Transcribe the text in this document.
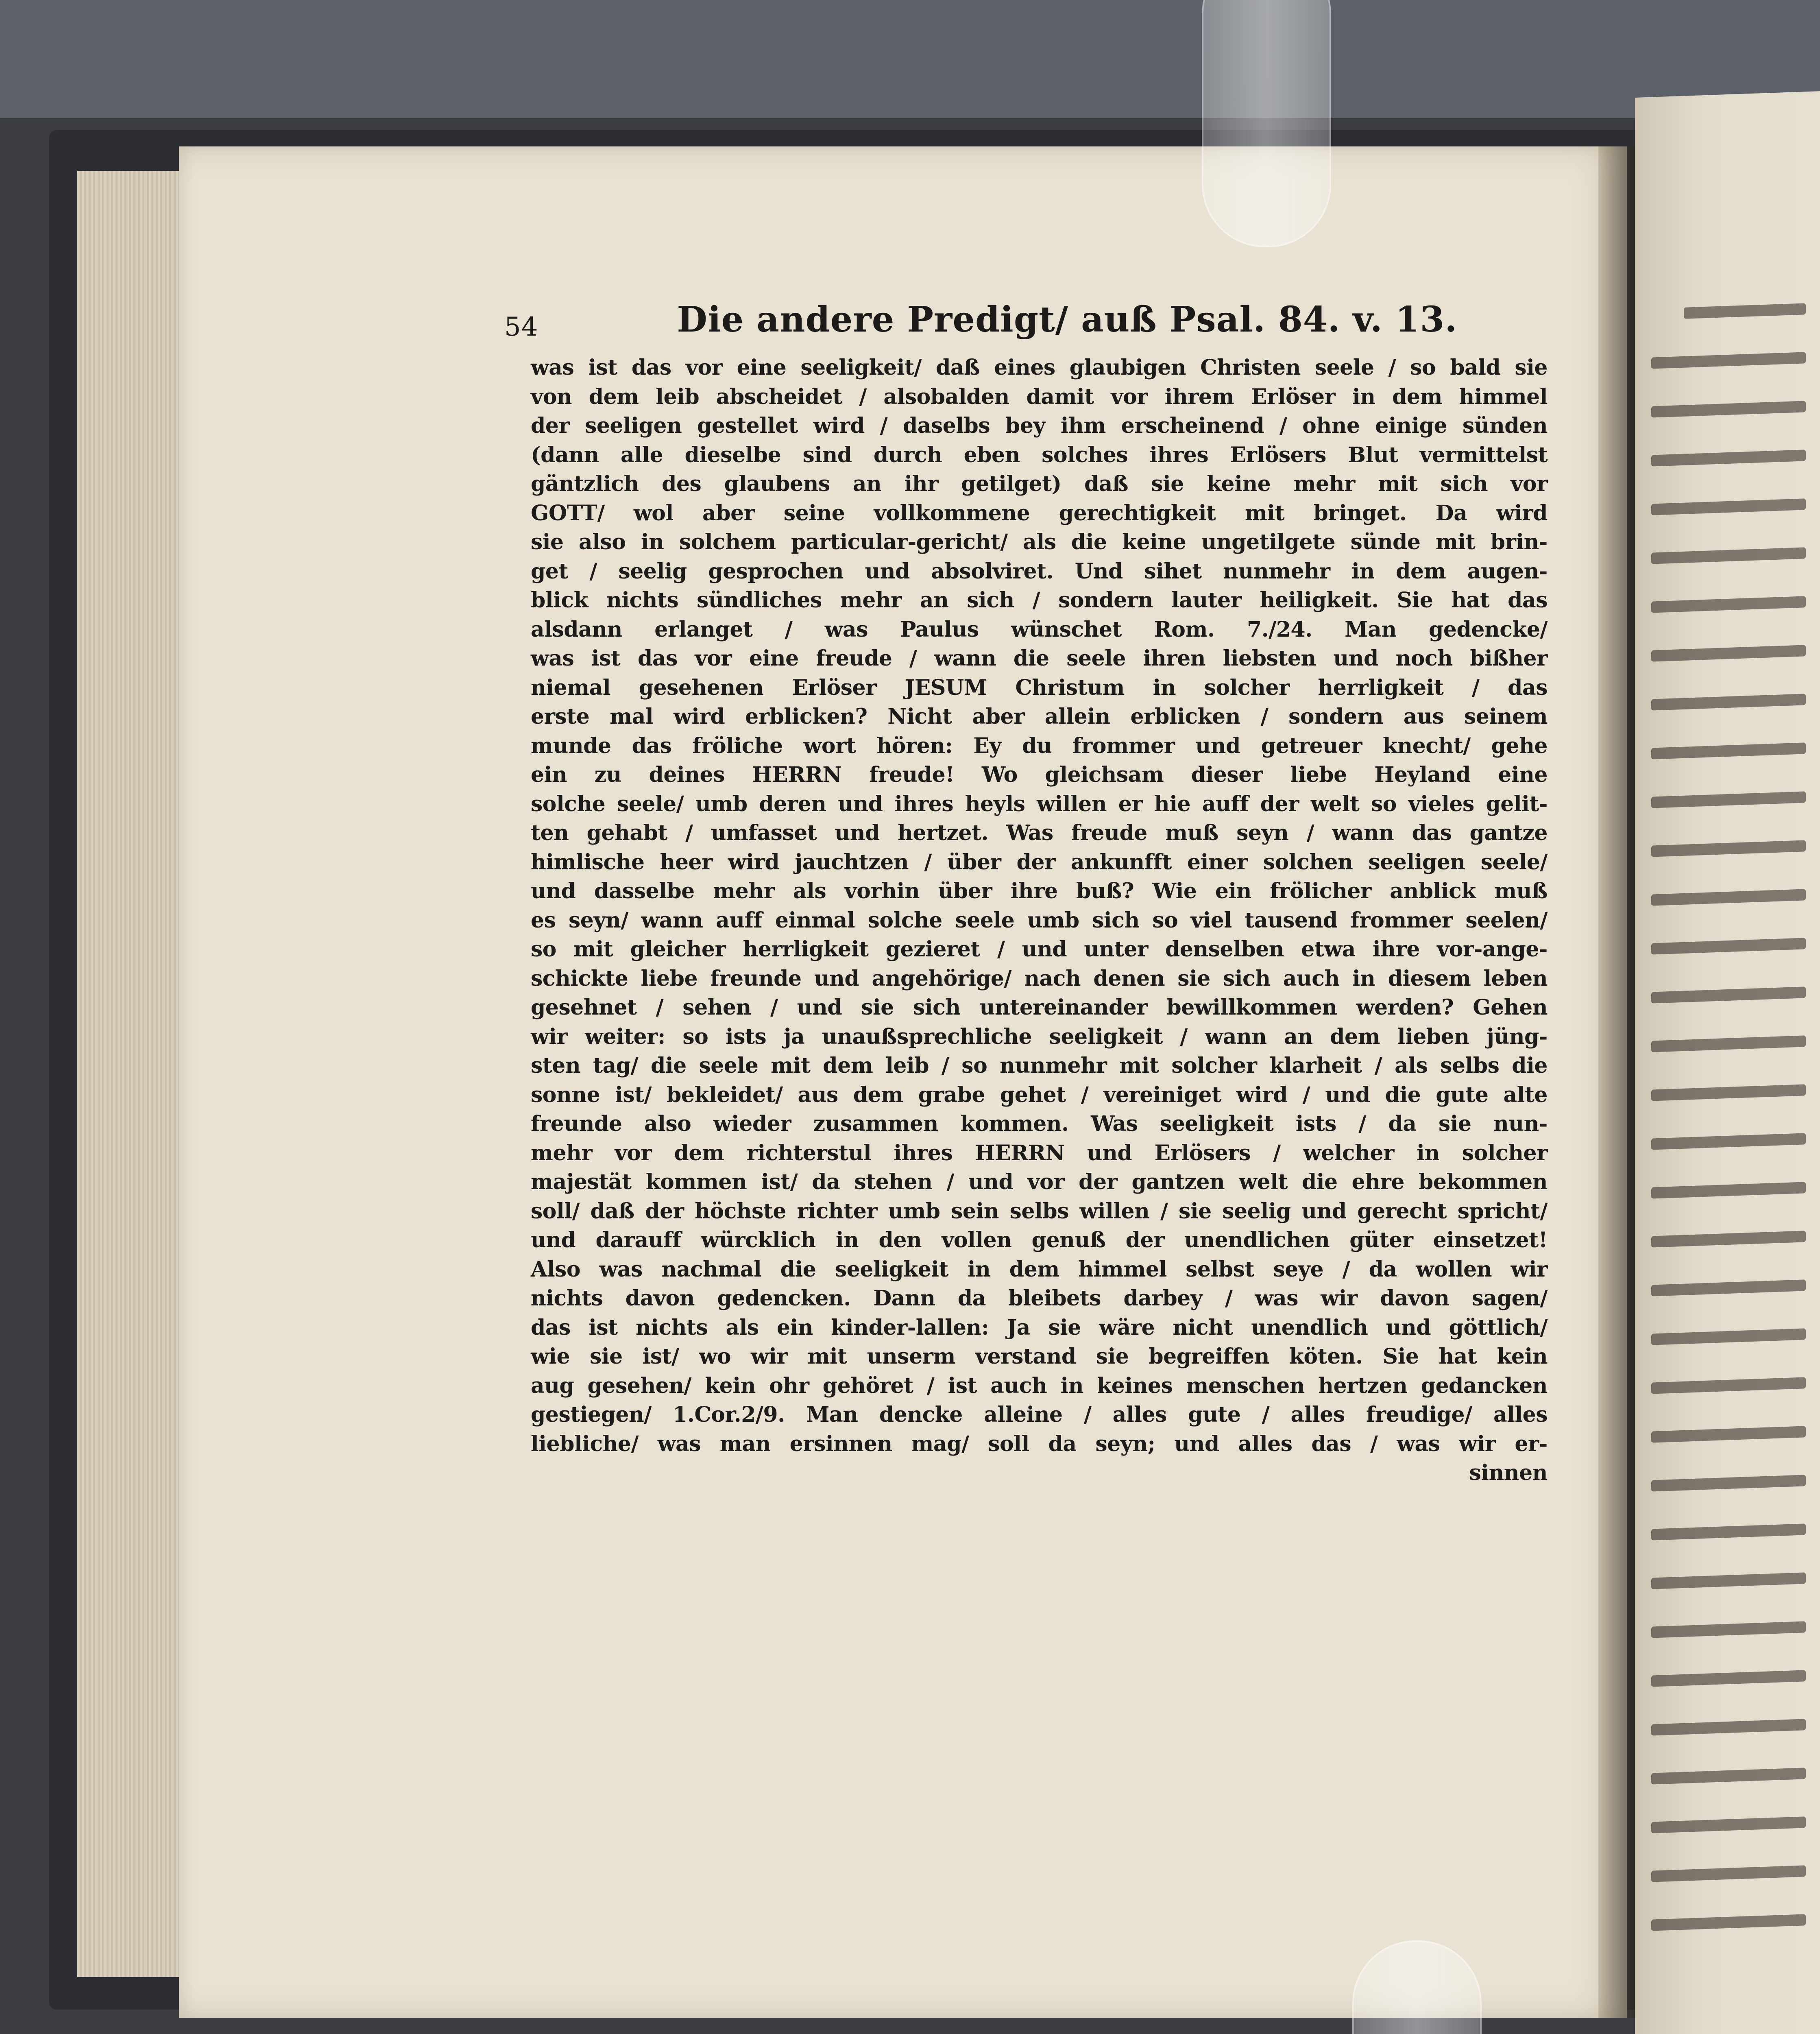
54	Die andere Predigt/ auß Psal. 84. v. 13.
was ist das vor eine seeligkeit/ daß eines glaubigen Christen seele / so bald sie
von dem leib abscheidet / alsobalden damit vor ihrem Erlöser in dem himmel
der seeligen gestellet wird / daselbs bey ihm erscheinend / ohne einige sünden
(dann alle dieselbe sind durch eben solches ihres Erlösers Blut vermittelst
gäntzlich des glaubens an ihr getilget) daß sie keine mehr mit sich vor
GOTT/ wol aber seine vollkommene gerechtigkeit mit bringet. Da wird
sie also in solchem particular-gericht/ als die keine ungetilgete sünde mit brin-
get / seelig gesprochen und absolviret. Und sihet nunmehr in dem augen-
blick nichts sündliches mehr an sich / sondern lauter heiligkeit. Sie hat das
alsdann erlanget / was Paulus wünschet Rom. 7./24. Man gedencke/
was ist das vor eine freude / wann die seele ihren liebsten und noch bißher
niemal gesehenen Erlöser JESUM Christum in solcher herrligkeit / das
erste mal wird erblicken? Nicht aber allein erblicken / sondern aus seinem
munde das fröliche wort hören: Ey du frommer und getreuer knecht/ gehe
ein zu deines HERRN freude! Wo gleichsam dieser liebe Heyland eine
solche seele/ umb deren und ihres heyls willen er hie auff der welt so vieles gelit-
ten gehabt / umfasset und hertzet. Was freude muß seyn / wann das gantze
himlische heer wird jauchtzen / über der ankunfft einer solchen seeligen seele/
und dasselbe mehr als vorhin über ihre buß? Wie ein frölicher anblick muß
es seyn/ wann auff einmal solche seele umb sich so viel tausend frommer seelen/
so mit gleicher herrligkeit gezieret / und unter denselben etwa ihre vor-ange-
schickte liebe freunde und angehörige/ nach denen sie sich auch in diesem leben
gesehnet / sehen / und sie sich untereinander bewillkommen werden? Gehen
wir weiter: so ists ja unaußsprechliche seeligkeit / wann an dem lieben jüng-
sten tag/ die seele mit dem leib / so nunmehr mit solcher klarheit / als selbs die
sonne ist/ bekleidet/ aus dem grabe gehet / vereiniget wird / und die gute alte
freunde also wieder zusammen kommen. Was seeligkeit ists / da sie nun-
mehr vor dem richterstul ihres HERRN und Erlösers / welcher in solcher
majestät kommen ist/ da stehen / und vor der gantzen welt die ehre bekommen
soll/ daß der höchste richter umb sein selbs willen / sie seelig und gerecht spricht/
und darauff würcklich in den vollen genuß der unendlichen güter einsetzet!
Also was nachmal die seeligkeit in dem himmel selbst seye / da wollen wir
nichts davon gedencken. Dann da bleibets darbey / was wir davon sagen/
das ist nichts als ein kinder-lallen: Ja sie wäre nicht unendlich und göttlich/
wie sie ist/ wo wir mit unserm verstand sie begreiffen köten. Sie hat kein
aug gesehen/ kein ohr gehöret / ist auch in keines menschen hertzen gedancken
gestiegen/ 1.Cor.2/9. Man dencke alleine / alles gute / alles freudige/ alles
liebliche/ was man ersinnen mag/ soll da seyn; und alles das / was wir er-
sinnen
